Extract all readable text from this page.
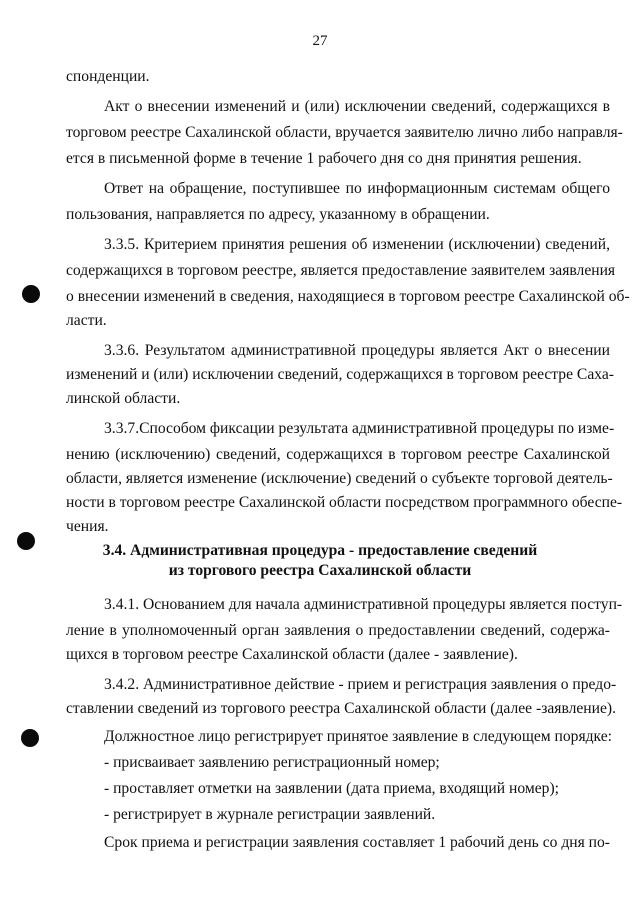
27
спонденции.
Акт о внесении изменений и (или) исключении сведений, содержащихся в
торговом реестре Сахалинской области, вручается заявителю лично либо направля-
ется в письменной форме в течение 1 рабочего дня со дня принятия решения.
Ответ на обращение, поступившее по информационным системам общего
пользования, направляется по адресу, указанному в обращении.
3.3.5. Критерием принятия решения об изменении (исключении) сведений,
содержащихся в торговом реестре, является предоставление заявителем заявления
о внесении изменений в сведения, находящиеся в торговом реестре Сахалинской об-
ласти.
3.3.6. Результатом административной процедуры является Акт о внесении
изменений и (или) исключении сведений, содержащихся в торговом реестре Саха-
линской области.
3.3.7.Способом фиксации результата административной процедуры по изме-
нению (исключению) сведений, содержащихся в торговом реестре Сахалинской
области, является изменение (исключение) сведений о субъекте торговой деятель-
ности в торговом реестре Сахалинской области посредством программного обеспе-
чения.
3.4. Административная процедура - предоставление сведений
из торгового реестра Сахалинской области
3.4.1. Основанием для начала административной процедуры является поступ-
ление в уполномоченный орган заявления о предоставлении сведений, содержа-
щихся в торговом реестре Сахалинской области (далее - заявление).
3.4.2. Административное действие - прием и регистрация заявления о предо-
ставлении сведений из торгового реестра Сахалинской области (далее -заявление).
Должностное лицо регистрирует принятое заявление в следующем порядке:
- присваивает заявлению регистрационный номер;
- проставляет отметки на заявлении (дата приема, входящий номер);
- регистрирует в журнале регистрации заявлений.
Срок приема и регистрации заявления составляет 1 рабочий день со дня по-
